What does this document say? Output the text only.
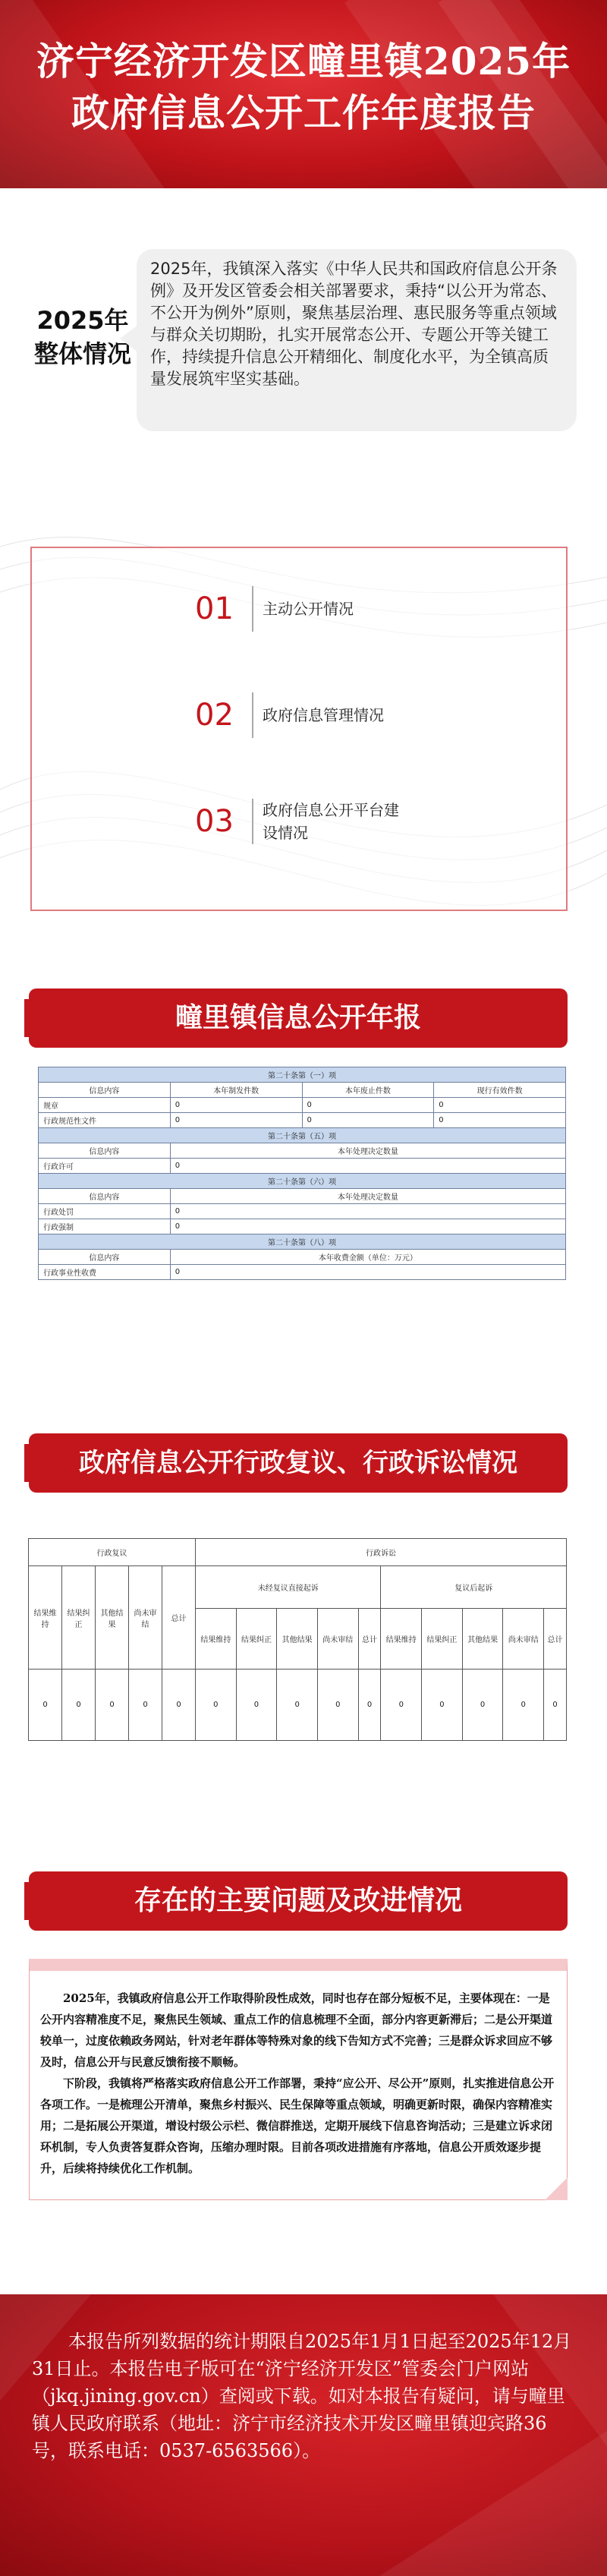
济宁经济开发区疃里镇2025年
政府信息公开工作年度报告
2025年
整体情况
2025年，我镇深入落实《中华人民共和国政府信息公开条例》及开发区管委会相关部署要求，秉持“以公开为常态、不公开为例外”原则，聚焦基层治理、惠民服务等重点领域与群众关切期盼，扎实开展常态公开、专题公开等关键工作，持续提升信息公开精细化、制度化水平，为全镇高质量发展筑牢坚实基础。
01	主动公开情况
02	政府信息管理情况
03	政府信息公开平台建设情况
疃里镇信息公开年报
第二十条第（一）项			
信息内容	本年制发件数	本年废止件数	现行有效件数
规章	0	0	0
行政规范性文件	0	0	0
第二十条第（五）项			
信息内容	本年处理决定数量		
行政许可	0		
第二十条第（六）项			
信息内容	本年处理决定数量		
行政处罚	0		
行政强制	0		
第二十条第（八）项			
信息内容	本年收费金额（单位：万元）		
行政事业性收费	0		
政府信息公开行政复议、行政诉讼情况
行政复议					行政诉讼									
结果维持	结果纠正	其他结果	尚未审结	总计	未经复议直接起诉					复议后起诉				
					结果维持	结果纠正	其他结果	尚未审结	总计	结果维持	结果纠正	其他结果	尚未审结	总计
0	0	0	0	0	0	0	0	0	0	0	0	0	0	0
存在的主要问题及改进情况

2025年，我镇政府信息公开工作取得阶段性成效，同时也存在部分短板不足，主要体现在：一是公开内容精准度不足，聚焦民生领域、重点工作的信息梳理不全面，部分内容更新滞后；二是公开渠道较单一，过度依赖政务网站，针对老年群体等特殊对象的线下告知方式不完善；三是群众诉求回应不够及时，信息公开与民意反馈衔接不顺畅。

下阶段，我镇将严格落实政府信息公开工作部署，秉持“应公开、尽公开”原则，扎实推进信息公开各项工作。一是梳理公开清单，聚焦乡村振兴、民生保障等重点领域，明确更新时限，确保内容精准实用；二是拓展公开渠道，增设村级公示栏、微信群推送，定期开展线下信息咨询活动；三是建立诉求闭环机制，专人负责答复群众咨询，压缩办理时限。目前各项改进措施有序落地，信息公开质效逐步提升，后续将持续优化工作机制。

本报告所列数据的统计期限自2025年1月1日起至2025年12月31日止。本报告电子版可在“济宁经济开发区”管委会门户网站（jkq.jining.gov.cn）查阅或下载。如对本报告有疑问，请与疃里镇人民政府联系（地址：济宁市经济技术开发区疃里镇迎宾路36号，联系电话：0537-6563566）。
